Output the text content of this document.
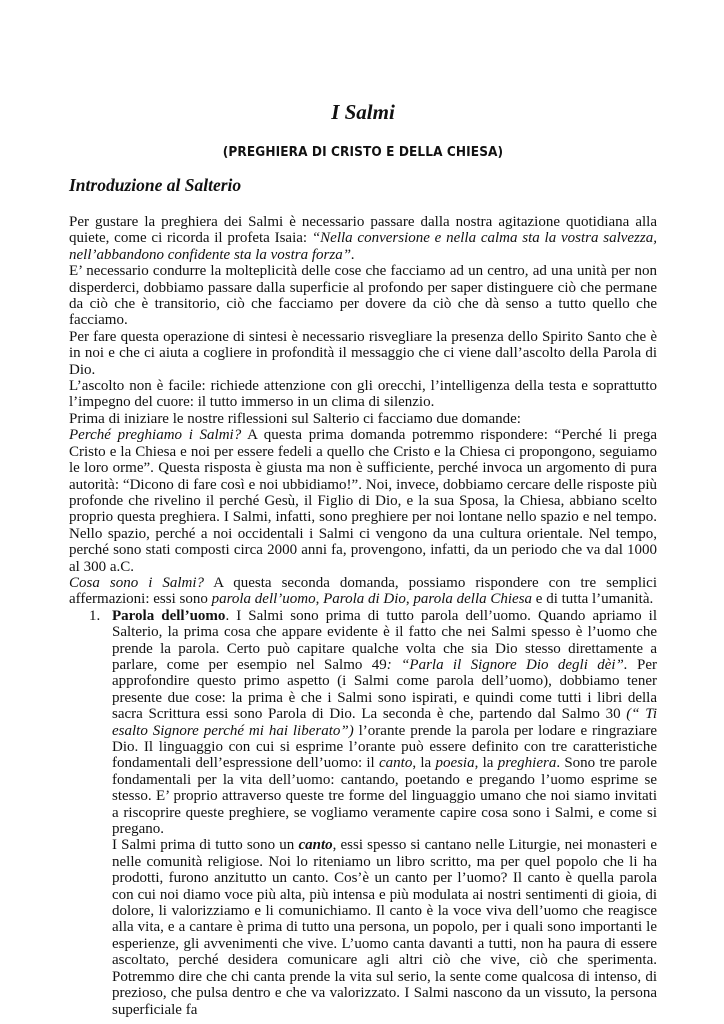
I Salmi
(PREGHIERA DI CRISTO E DELLA CHIESA)
Introduzione al Salterio

Per gustare la preghiera dei Salmi è necessario passare dalla nostra agitazione quotidiana alla quiete, come ci ricorda il profeta Isaia: “Nella conversione e nella calma sta la vostra salvezza, nell’abbandono confidente sta la vostra forza”.

E’ necessario condurre la molteplicità delle cose che facciamo ad un centro, ad una unità per non disperderci, dobbiamo passare dalla superficie al profondo per saper distinguere ciò che permane da ciò che è transitorio, ciò che facciamo per dovere da ciò che dà senso a tutto quello che facciamo.

Per fare questa operazione di sintesi è necessario risvegliare la presenza dello Spirito Santo che è in noi e che ci aiuta a cogliere in profondità il messaggio che ci viene dall’ascolto della Parola di Dio.

L’ascolto non è facile: richiede attenzione con gli orecchi, l’intelligenza della testa e soprattutto l’impegno del cuore: il tutto immerso in un clima di silenzio.

Prima di iniziare le nostre riflessioni sul Salterio ci facciamo due domande:

Perché preghiamo i Salmi? A questa prima domanda potremmo rispondere: “Perché li prega Cristo e la Chiesa e noi per essere fedeli a quello che Cristo e la Chiesa ci propongono, seguiamo le loro orme”. Questa risposta è giusta ma non è sufficiente, perché invoca un argomento di pura autorità: “Dicono di fare così e noi ubbidiamo!”. Noi, invece, dobbiamo cercare delle risposte più profonde che rivelino il perché Gesù, il Figlio di Dio, e la sua Sposa, la Chiesa, abbiano scelto proprio questa preghiera. I Salmi, infatti, sono preghiere per noi lontane nello spazio e nel tempo. Nello spazio, perché a noi occidentali i Salmi ci vengono da una cultura orientale. Nel tempo, perché sono stati composti circa 2000 anni fa, provengono, infatti, da un periodo che va dal 1000 al 300 a.C.

Cosa sono i Salmi? A questa seconda domanda, possiamo rispondere con tre semplici affermazioni: essi sono parola dell’uomo, Parola di Dio, parola della Chiesa e di tutta l’umanità.

1. Parola dell’uomo. I Salmi sono prima di tutto parola dell’uomo. Quando apriamo il Salterio, la prima cosa che appare evidente è il fatto che nei Salmi spesso è l’uomo che prende la parola. Certo può capitare qualche volta che sia Dio stesso direttamente a parlare, come per esempio nel Salmo 49: “Parla il Signore Dio degli dèi”. Per approfondire questo primo aspetto (i Salmi come parola dell’uomo), dobbiamo tener presente due cose: la prima è che i Salmi sono ispirati, e quindi come tutti i libri della sacra Scrittura essi sono Parola di Dio. La seconda è che, partendo dal Salmo 30 (“ Ti esalto Signore perché mi hai liberato”) l’orante prende la parola per lodare e ringraziare Dio. Il linguaggio con cui si esprime l’orante può essere definito con tre caratteristiche fondamentali dell’espressione dell’uomo: il canto, la poesia, la preghiera. Sono tre parole fondamentali per la vita dell’uomo: cantando, poetando e pregando l’uomo esprime se stesso. E’ proprio attraverso queste tre forme del linguaggio umano che noi siamo invitati a riscoprire queste preghiere, se vogliamo veramente capire cosa sono i Salmi, e come si pregano.

I Salmi prima di tutto sono un canto, essi spesso si cantano nelle Liturgie, nei monasteri e nelle comunità religiose. Noi lo riteniamo un libro scritto, ma per quel popolo che li ha prodotti, furono anzitutto un canto. Cos’è un canto per l’uomo? Il canto è quella parola con cui noi diamo voce più alta, più intensa e più modulata ai nostri sentimenti di gioia, di dolore, li valorizziamo e li comunichiamo. Il canto è la voce viva dell’uomo che reagisce alla vita, e a cantare è prima di tutto una persona, un popolo, per i quali sono importanti le esperienze, gli avvenimenti che vive. L’uomo canta davanti a tutti, non ha paura di essere ascoltato, perché desidera comunicare agli altri ciò che vive, ciò che sperimenta. Potremmo dire che chi canta prende la vita sul serio, la sente come qualcosa di intenso, di prezioso, che pulsa dentro e che va valorizzato. I Salmi nascono da un vissuto, la persona superficiale fa
